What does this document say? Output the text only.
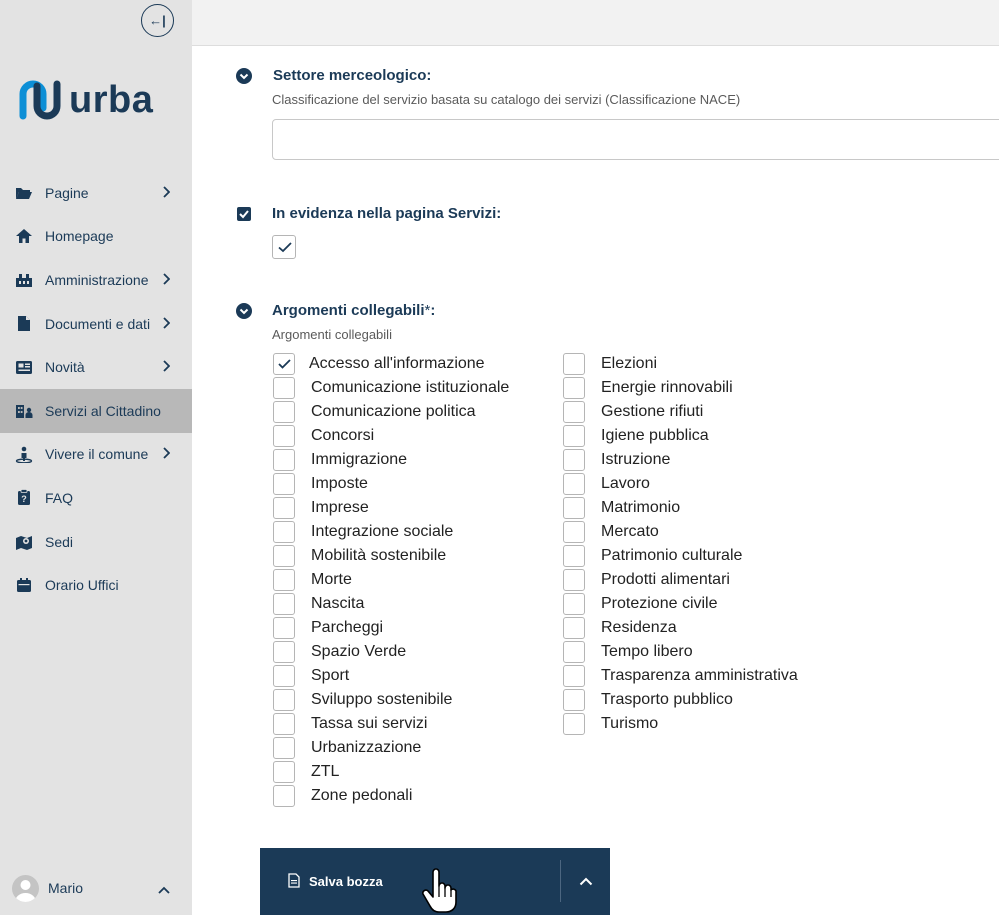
←|
urba
Pagine
Homepage
Amministrazione
Documenti e dati
Novità
Servizi al Cittadino
Vivere il comune
? FAQ
Sedi
Orario Uffici
Mario
Settore merceologico:
Classificazione del servizio basata su catalogo dei servizi (Classificazione NACE)
In evidenza nella pagina Servizi:
Argomenti collegabili*:
Argomenti collegabili
Accesso all'informazione
Comunicazione istituzionale
Comunicazione politica
Concorsi
Immigrazione
Imposte
Imprese
Integrazione sociale
Mobilità sostenibile
Morte
Nascita
Parcheggi
Spazio Verde
Sport
Sviluppo sostenibile
Tassa sui servizi
Urbanizzazione
ZTL
Zone pedonali
Elezioni
Energie rinnovabili
Gestione rifiuti
Igiene pubblica
Istruzione
Lavoro
Matrimonio
Mercato
Patrimonio culturale
Prodotti alimentari
Protezione civile
Residenza
Tempo libero
Trasparenza amministrativa
Trasporto pubblico
Turismo
Salva bozza
